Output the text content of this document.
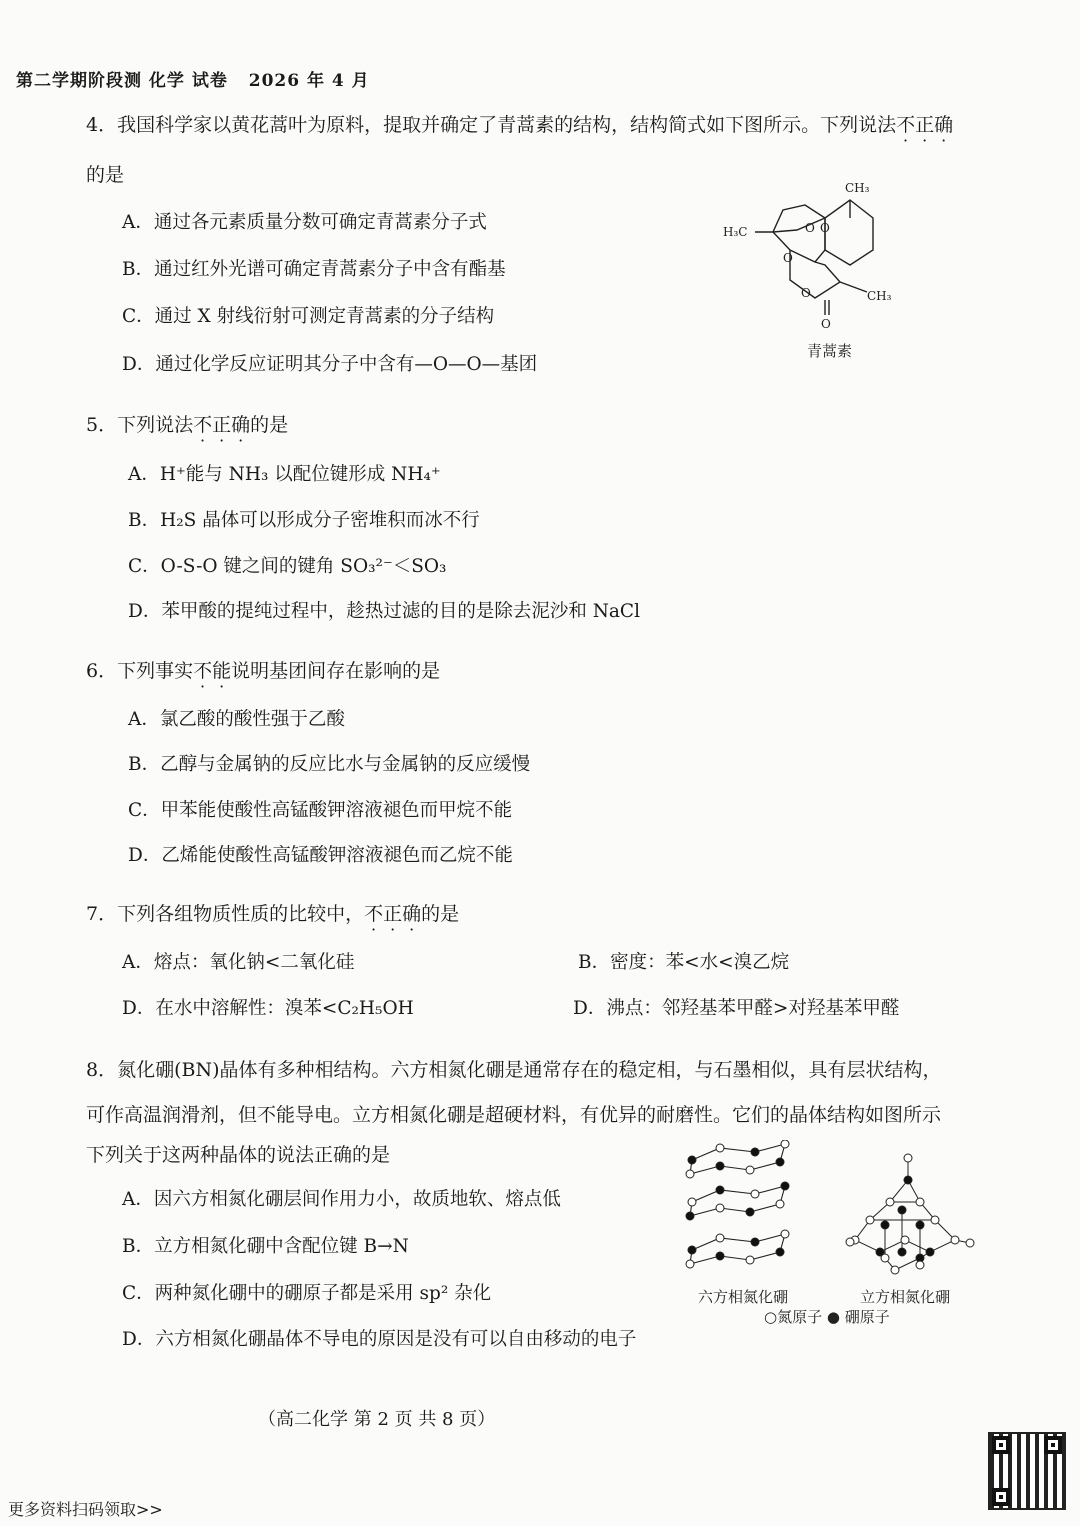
第二学期阶段测 化学 试卷 2026 年 4 月
4．我国科学家以黄花蒿叶为原料，提取并确定了青蒿素的结构，结构简式如下图所示。下列说法不正确
的是
A．通过各元素质量分数可确定青蒿素分子式
B．通过红外光谱可确定青蒿素分子中含有酯基
C．通过 X 射线衍射可测定青蒿素的分子结构
D．通过化学反应证明其分子中含有—O—O—基团
O O
O
O
O
CH₃
H₃C
CH₃
青蒿素
5．下列说法不正确的是
A．H⁺能与 NH₃ 以配位键形成 NH₄⁺
B．H₂S 晶体可以形成分子密堆积而冰不行
C．O-S-O 键之间的键角 SO₃²⁻＜SO₃
D．苯甲酸的提纯过程中，趁热过滤的目的是除去泥沙和 NaCl
6．下列事实不能说明基团间存在影响的是
A．氯乙酸的酸性强于乙酸
B．乙醇与金属钠的反应比水与金属钠的反应缓慢
C．甲苯能使酸性高锰酸钾溶液褪色而甲烷不能
D．乙烯能使酸性高锰酸钾溶液褪色而乙烷不能
7．下列各组物质性质的比较中，不正确的是
A．熔点：氧化钠<二氧化硅	B．密度：苯<水<溴乙烷
D．在水中溶解性：溴苯<C₂H₅OH	D．沸点：邻羟基苯甲醛>对羟基苯甲醛
8．氮化硼(BN)晶体有多种相结构。六方相氮化硼是通常存在的稳定相，与石墨相似，具有层状结构，
可作高温润滑剂，但不能导电。立方相氮化硼是超硬材料，有优异的耐磨性。它们的晶体结构如图所示
下列关于这两种晶体的说法正确的是
A．因六方相氮化硼层间作用力小，故质地软、熔点低
B．立方相氮化硼中含配位键 B→N
C．两种氮化硼中的硼原子都是采用 sp² 杂化
D．六方相氮化硼晶体不导电的原因是没有可以自由移动的电子
六方相氮化硼	立方相氮化硼
○氮原子 ● 硼原子
（高二化学 第 2 页 共 8 页）
更多资料扫码领取>>
